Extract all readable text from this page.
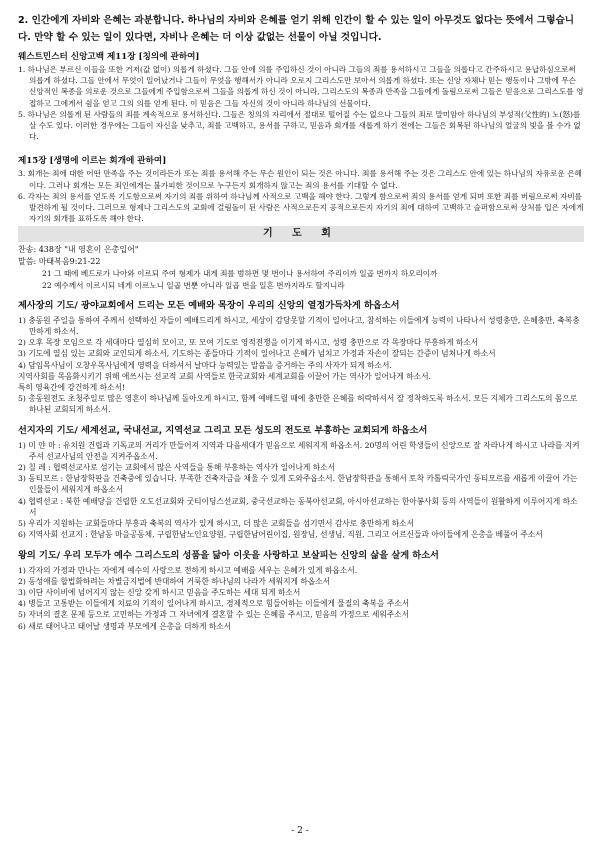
2. 인간에게 자비와 은혜는 과분합니다. 하나님의 자비와 은혜를 얻기 위해 인간이 할 수 있는 일이 아무것도 없다는 뜻에서 그렇습니다. 만약 할 수 있는 일이 있다면, 자비나 은혜는 더 이상 값없는 선물이 아닐 것입니다.

웨스트민스터 신앙고백 제11장 [칭의에 관하여]
1. 하나님은 부르신 이들을 또한 거저(값 없이) 의롭게 하셨다. 그들 안에 의를 주입하신 것이 아니라 그들의 죄를 용서하시고 그들을 의롭다고 간주하시고 용납하심으로써 의롭게 하셨다. 그들 안에서 무엇이 일어났거나 그들이 무엇을 행해서가 아니라 오로지 그리스도만 보아서 의롭게 하셨다. 또는 신앙 자체나 믿는 행동이나 그밖에 무슨 신앙적인 복종을 의로운 것으로 그들에게 주입함으로써 그들을 의롭게 하신 것이 아니라, 그리스도의 복종과 만족을 그들에게 돌림으로써 그들은 믿음으로 그리스도를 영접하고 그에게서 쉼을 얻고 그의 의를 얻게 된다. 이 믿음은 그들 자신의 것이 아니라 하나님의 선물이다.
5. 하나님은 의롭게 된 사람들의 죄를 계속적으로 용서하신다. 그들은 칭의의 자리에서 절대로 떨어질 수는 없으나 그들의 죄로 말미암아 하나님의 부성적(父性的) 노(怒)를 살 수도 있다. 이러한 경우에는 그들이 자신을 낮추고, 죄를 고백하고, 용서를 구하고, 믿음과 회개를 새롭게 하기 전에는 그들은 회복된 하나님의 얼굴의 빛을 볼 수가 없다.
제15장 [생명에 이르는 회개에 관하여]
3. 회개는 죄에 대한 어떤 만족을 주는 것이라든가 또는 죄를 용서해 주는 무슨 원인이 되는 것은 아니다. 죄를 용서해 주는 것은 그리스도 안에 있는 하나님의 자유로운 은혜이다. 그러나 회개는 모든 죄인에게는 불가피한 것이므로 누구든지 회개하지 않고는 죄의 용서를 기대할 수 없다.
6. 각자는 죄의 용서를 얻도록 기도함으로써 자기의 죄를 위하여 하나님께 사적으로 고백을 해야 한다. 그렇게 함으로써 죄의 용서를 얻게 되며 또한 죄를 버림으로써 자비를 발견하게 될 것이다. 그러므로 형제나 그리스도의 교회에 걸림돌이 된 사람은 사적으로든지 공적으로든지 자기의 죄에 대하여 고백하고 슬퍼함으로써 상처를 입은 자에게 자기의 회개를 표하도록 해야 한다.
기 도 회
찬송: 438장 "내 영혼이 은총입어"
말씀: 마태복음9:21-22
21 그 때에 베드로가 나아와 이르되 주여 형제가 내게 죄를 범하면 몇 번이나 용서하여 주리이까 일곱 번까지 하오리이까
22 예수께서 이르시되 네게 이르노니 일곱 번뿐 아니라 일곱 번을 일흔 번까지라도 할지니라
제사장의 기도/ 광야교회에서 드리는 모든 예배와 목장이 우리의 신앙의 열정가득차게 하옵소서
1) 충동원 주일을 통하여 주께서 선택하신 자들이 예배드리게 하시고, 세상이 감당못할 기적이 일어나고, 참석하는 이들에게 능력이 나타나서 성령충만, 은혜충만, 축복충만하게 하소서.
2) 오후 목장 모임으로 각 세대마다 열심히 모이고, 또 모여 기도로 영적전쟁을 이기게 하시고, 성령 충만으로 각 목장마다 부흥하게 하소서
3) 기도에 열심 있는 교회와 교인되게 하소서, 기도하는 종들마다 기적이 일어나고 은혜가 넘치고 가정과 자손이 잘되는 간증이 넘쳐나게 하소서
4) 담임목사님이 오창우목사님에게 영력을 더하셔서 날마다 능력있는 말씀을 증거하는 주의 사자가 되게 하소서.
지역사회를 목음화시키기 위해 애쓰시는 선교적 교회 사역들로 한국교회와 세계교회를 이끌어 가는 역사가 일어나게 하소서.
특히 영육간에 강건하게 하소서!
5) 총동원전도 초청주일로 많은 영혼이 하나님께 돌아오게 하시고, 함께 예배드릴 때에 충만한 은혜를 허락하셔서 잘 정착하도록 하소서. 모든 지체가 그리스도의 몸으로 하나된 교회되게 하소서.
선지자의 기도/ 세계선교, 국내선교, 지역선교 그리고 모든 성도의 전도로 부흥하는 교회되게 하옵소서
1) 미 얀 마 : 유치원 건립과 기독교의 거리가 만들어져 지역과 다음세대가 믿음으로 세워지게 하옵소서. 20명의 어린 학생들이 신앙으로 잘 자라나게 하시고 나라를 지켜주셔 선교사님의 안전을 지켜주옵소서.
2) 칠 레 : 협력선교사로 섬기는 교회에서 많은 사역들을 통해 부흥하는 역사가 일어나게 하소서
3) 동티모르 : 한남장학판을 건축중에 있습니다. 부족한 건축자금을 채울 수 있게 도와주옵소서. 한남장학관을 통해서 토착 카톨릭국가인 동티모르를 새롭게 이끌어 가는 인물들이 세워지게 하옵소서
4) 협력선교 : 북한 예배당을 건립한 오도선교회와 굿티이딩스선교회, 중국선교하는 동북아선교회, 아시아선교하는 한아봉사회 등의 사역들이 원활하게 이루어지게 하소서
5) 우리가 지원하는 교회들마다 부흥과 축복의 역사가 있게 하시고, 더 많은 교회들을 섬기면서 감사로 충만하게 하소서
6) 지역사회 선교지 : 한남동 마을공동체, 구립한남노인요양원, 구립한남어린이집, 원장님, 선생님, 직원, 그리고 어르신들과 아이들에게 은총을 베풀어 주소서
왕의 기도/ 우리 모두가 예수 그리스도의 성품을 닮아 이웃을 사랑하고 보살피는 신앙의 삶을 살게 하소서
1) 각자의 가정과 만나는 자에게 예수의 사랑으로 전하게 하시고 예배를 세우는 은혜가 있게 하옵소서.
2) 동성애를 합법화하려는 차별금지법에 반대하여 거룩한 하나님의 나라가 세워지게 하옵소서
3) 이단 사이비에 넘어지지 않는 신앙 갖게 하시고 믿음을 주도하는 세대 되게 하소서
4) 병들고 고통받는 이들에게 치료의 기적이 일어나게 하시고, 경제적으로 힘들어하는 이들에게 물질의 축복을 주소서
5) 자녀의 결혼 문제 등으로 고민하는 가정과 그 자녀에게 결혼할 수 있는 은혜를 주시고, 믿음의 가정으로 세워주소서
6) 새로 태어나고 태어날 생명과 부모에게 은총을 더하게 하소서
- 2 -
